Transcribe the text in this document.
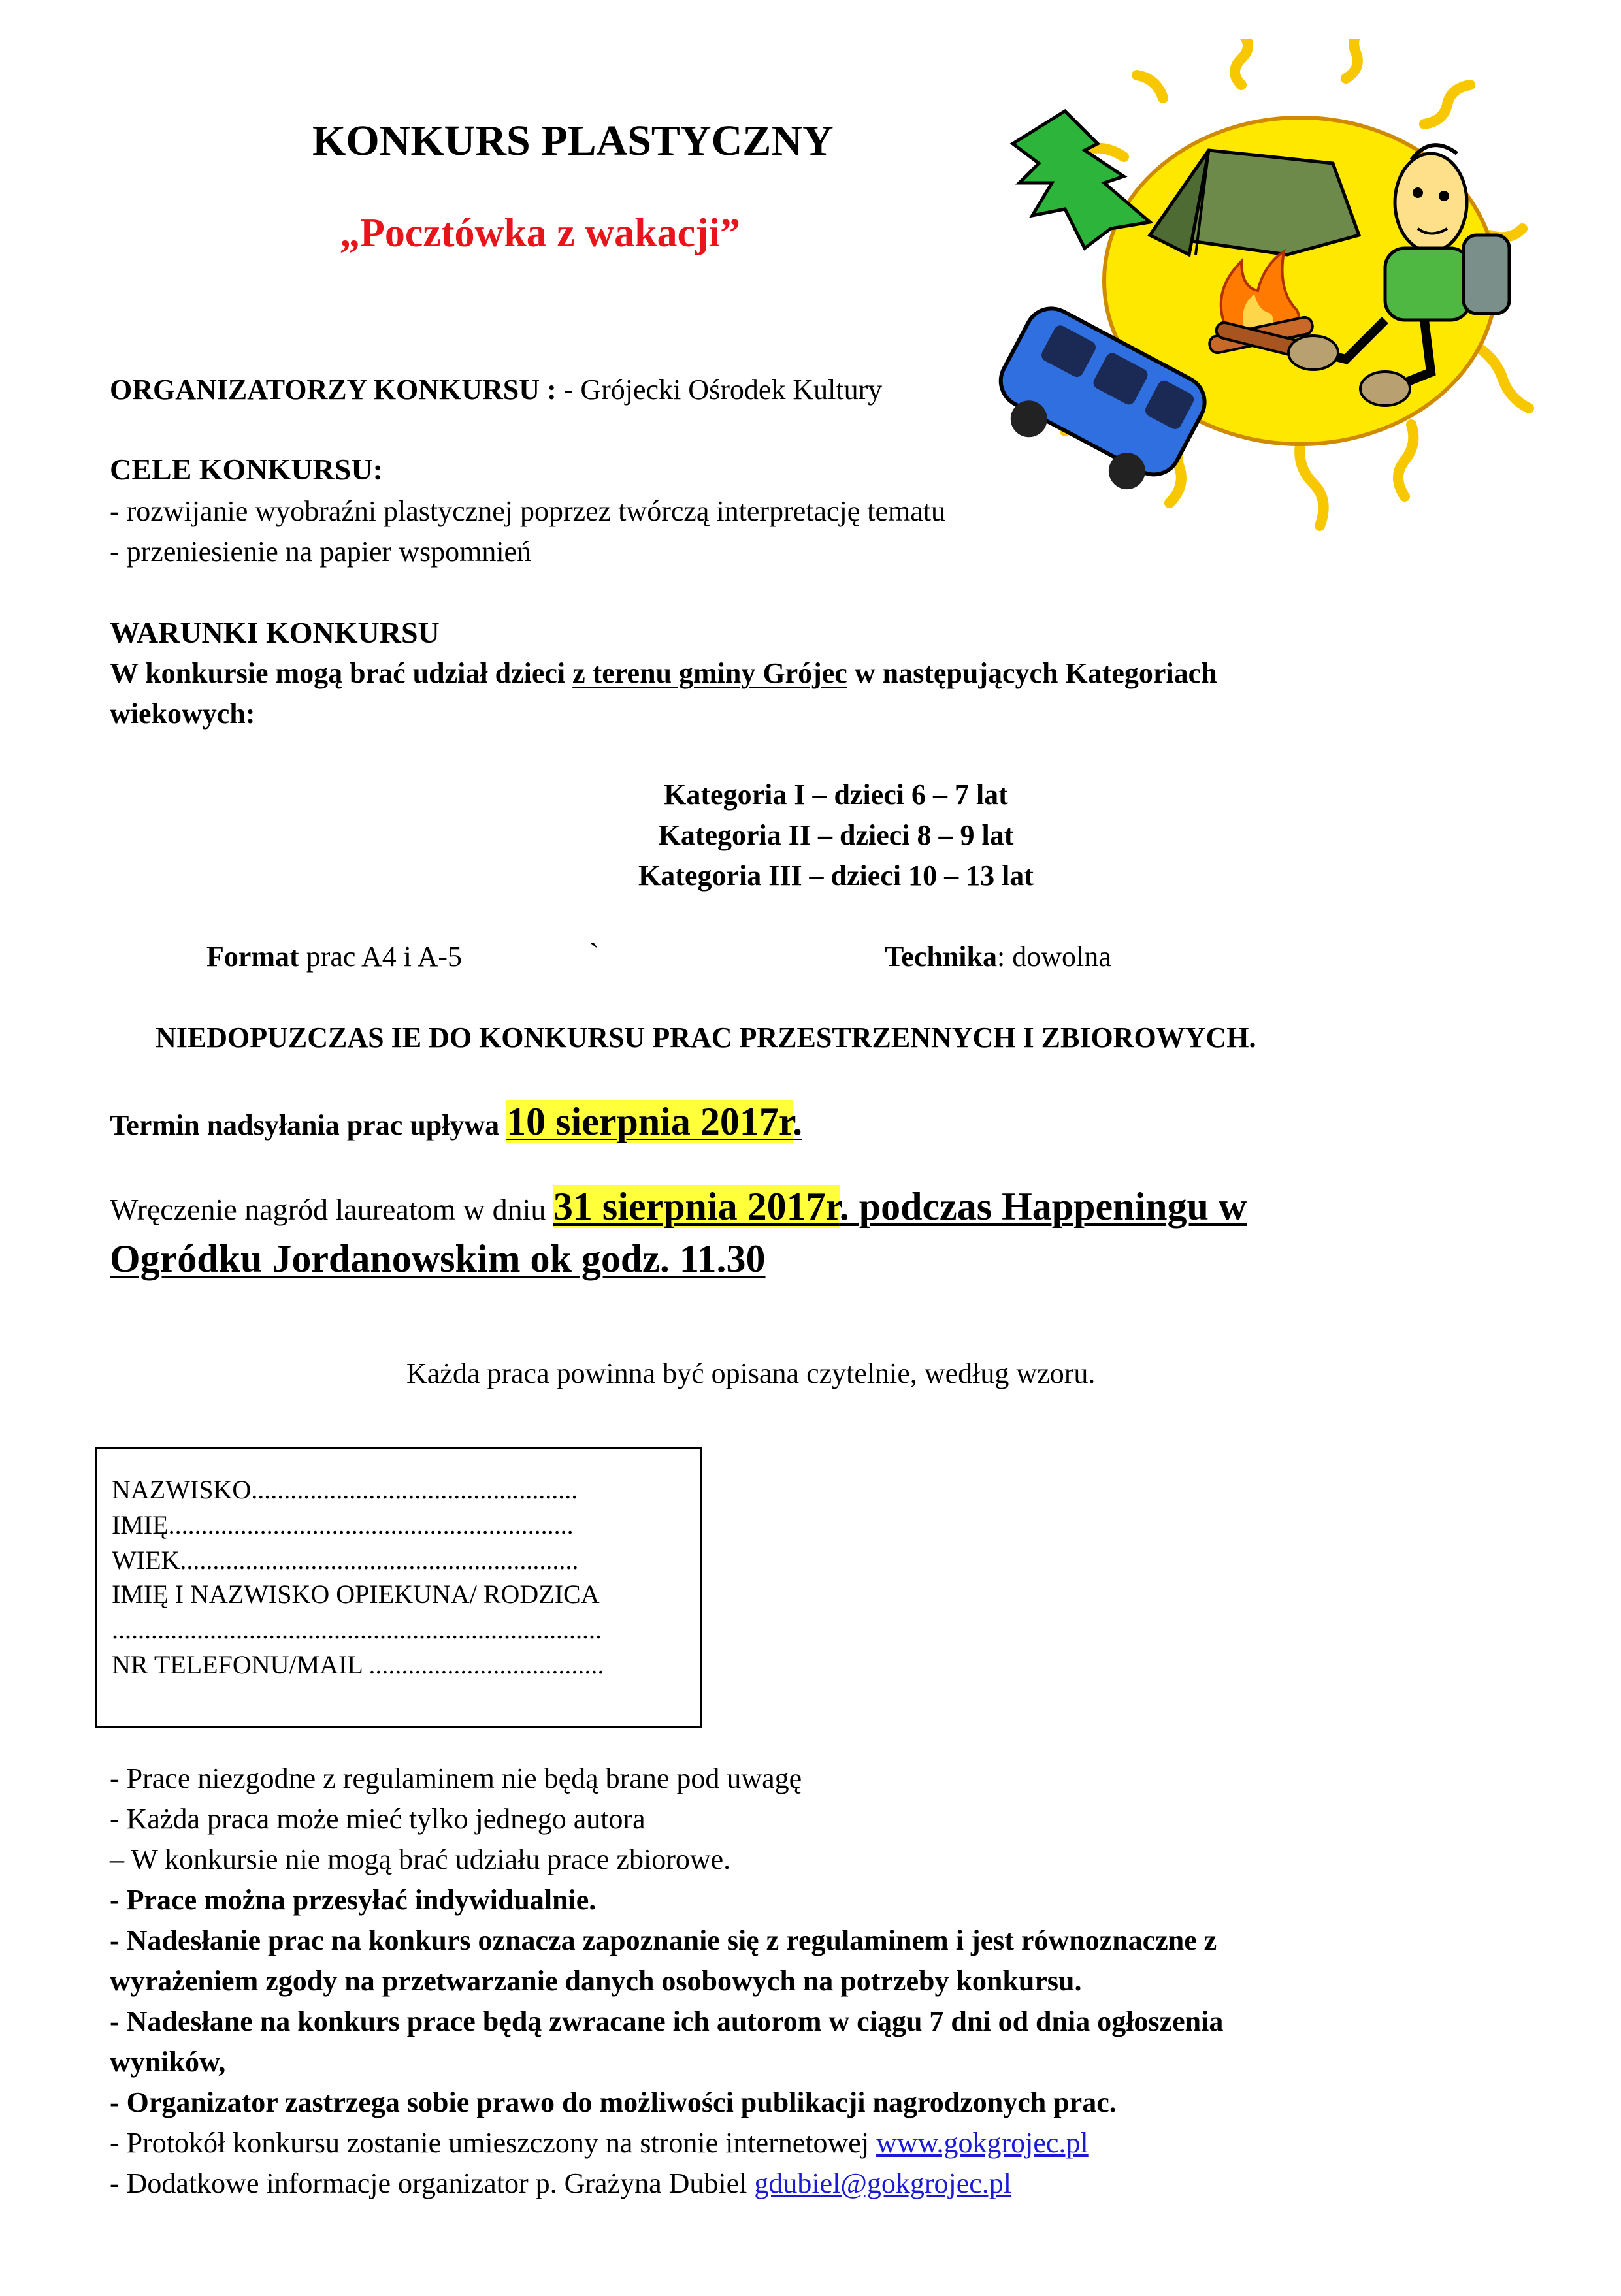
KONKURS PLASTYCZNY
„Pocztówka z wakacji”
ORGANIZATORZY KONKURSU : - Grójecki Ośrodek Kultury
CELE KONKURSU:
- rozwijanie wyobraźni plastycznej poprzez twórczą interpretację tematu
- przeniesienie na papier wspomnień
WARUNKI KONKURSU
W konkursie mogą brać udział dzieci z terenu gminy Grójec w następujących Kategoriach
wiekowych:
Kategoria I – dzieci 6 – 7 lat
Kategoria II – dzieci 8 – 9 lat
Kategoria III – dzieci 10 – 13 lat
Format prac A4 i A-5	`	Technika: dowolna
NIEDOPUZCZAS IE DO KONKURSU PRAC PRZESTRZENNYCH I ZBIOROWYCH.
Termin nadsyłania prac upływa 10 sierpnia 2017r.
Wręczenie nagród laureatom w dniu 31 sierpnia 2017r. podczas Happeningu w
Ogródku Jordanowskim ok godz. 11.30
Każda praca powinna być opisana czytelnie, według wzoru.
NAZWISKO..................................................
IMIĘ..............................................................
WIEK.............................................................
IMIĘ I NAZWISKO OPIEKUNA/ RODZICA
...........................................................................
NR TELEFONU/MAIL ....................................
- Prace niezgodne z regulaminem nie będą brane pod uwagę
- Każda praca może mieć tylko jednego autora
– W konkursie nie mogą brać udziału prace zbiorowe.
- Prace można przesyłać indywidualnie.
- Nadesłanie prac na konkurs oznacza zapoznanie się z regulaminem i jest równoznaczne z
wyrażeniem zgody na przetwarzanie danych osobowych na potrzeby konkursu.
- Nadesłane na konkurs prace będą zwracane ich autorom w ciągu 7 dni od dnia ogłoszenia
wyników,
- Organizator zastrzega sobie prawo do możliwości publikacji nagrodzonych prac.
- Protokół konkursu zostanie umieszczony na stronie internetowej www.gokgrojec.pl
- Dodatkowe informacje organizator p. Grażyna Dubiel gdubiel@gokgrojec.pl
